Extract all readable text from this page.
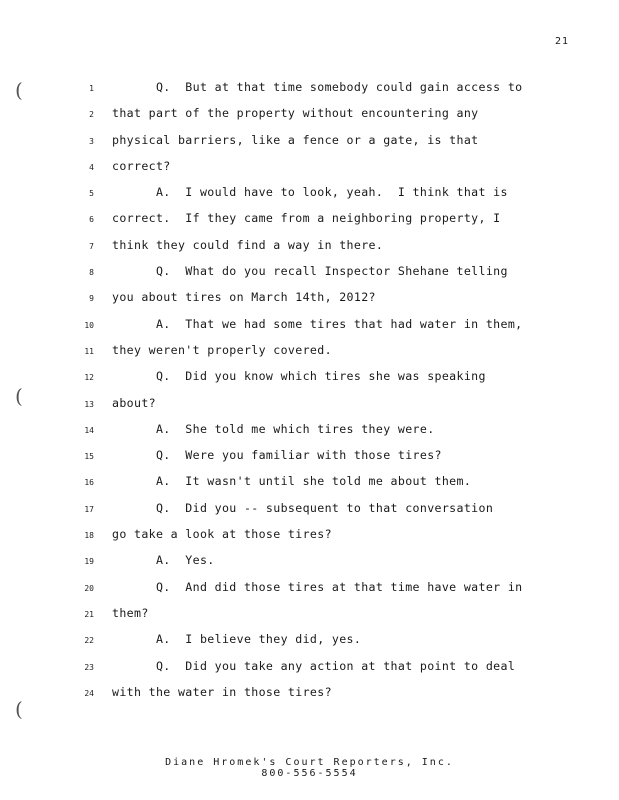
21
(
(
(
1 Q.  But at that time somebody could gain access to
2 that part of the property without encountering any
3 physical barriers, like a fence or a gate, is that
4 correct?
5 A.  I would have to look, yeah.  I think that is
6 correct.  If they came from a neighboring property, I
7 think they could find a way in there.
8 Q.  What do you recall Inspector Shehane telling
9 you about tires on March 14th, 2012?
10 A.  That we had some tires that had water in them,
11 they weren't properly covered.
12 Q.  Did you know which tires she was speaking
13 about?
14 A.  She told me which tires they were.
15 Q.  Were you familiar with those tires?
16 A.  It wasn't until she told me about them.
17 Q.  Did you -- subsequent to that conversation
18 go take a look at those tires?
19 A.  Yes.
20 Q.  And did those tires at that time have water in
21 them?
22 A.  I believe they did, yes.
23 Q.  Did you take any action at that point to deal
24 with the water in those tires?
Diane Hromek's Court Reporters, Inc.
800-556-5554
